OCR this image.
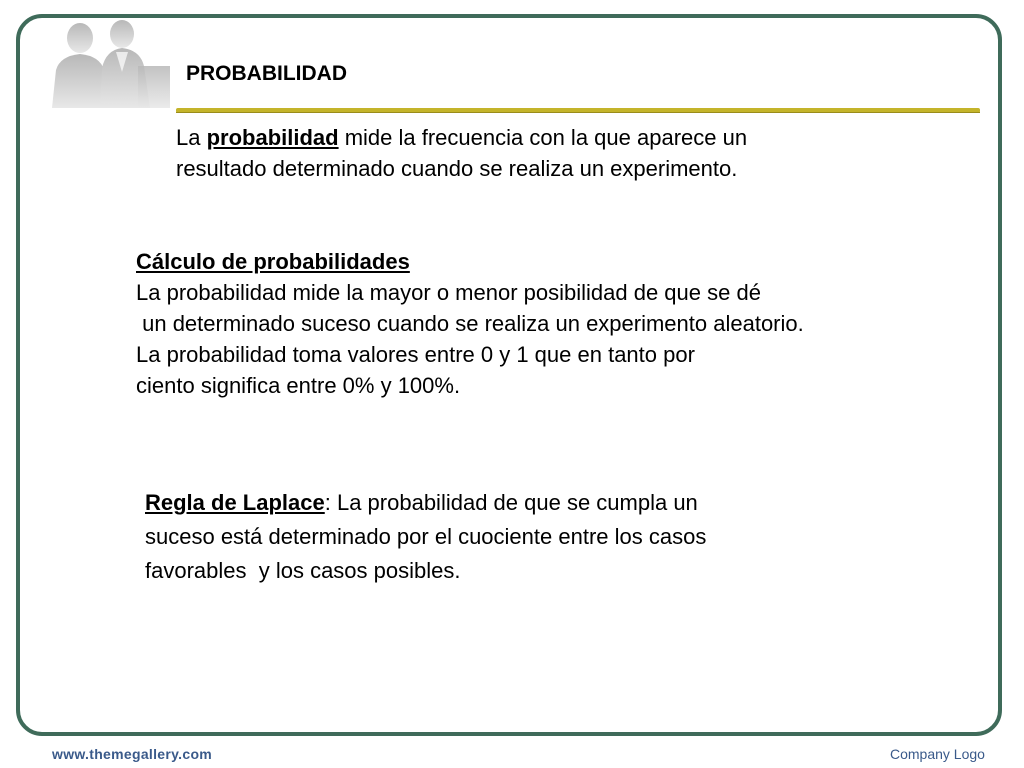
PROBABILIDAD

La probabilidad mide la frecuencia con la que aparece un

resultado determinado cuando se realiza un experimento.

Cálculo de probabilidades

La probabilidad mide la mayor o menor posibilidad de que se dé

un determinado suceso cuando se realiza un experimento aleatorio.

La probabilidad toma valores entre 0 y 1 que en tanto por

ciento significa entre 0% y 100%.

Regla de Laplace: La probabilidad de que se cumpla un

suceso está determinado por el cuociente entre los casos

favorables  y los casos posibles.

www.themegallery.com	Company Logo
